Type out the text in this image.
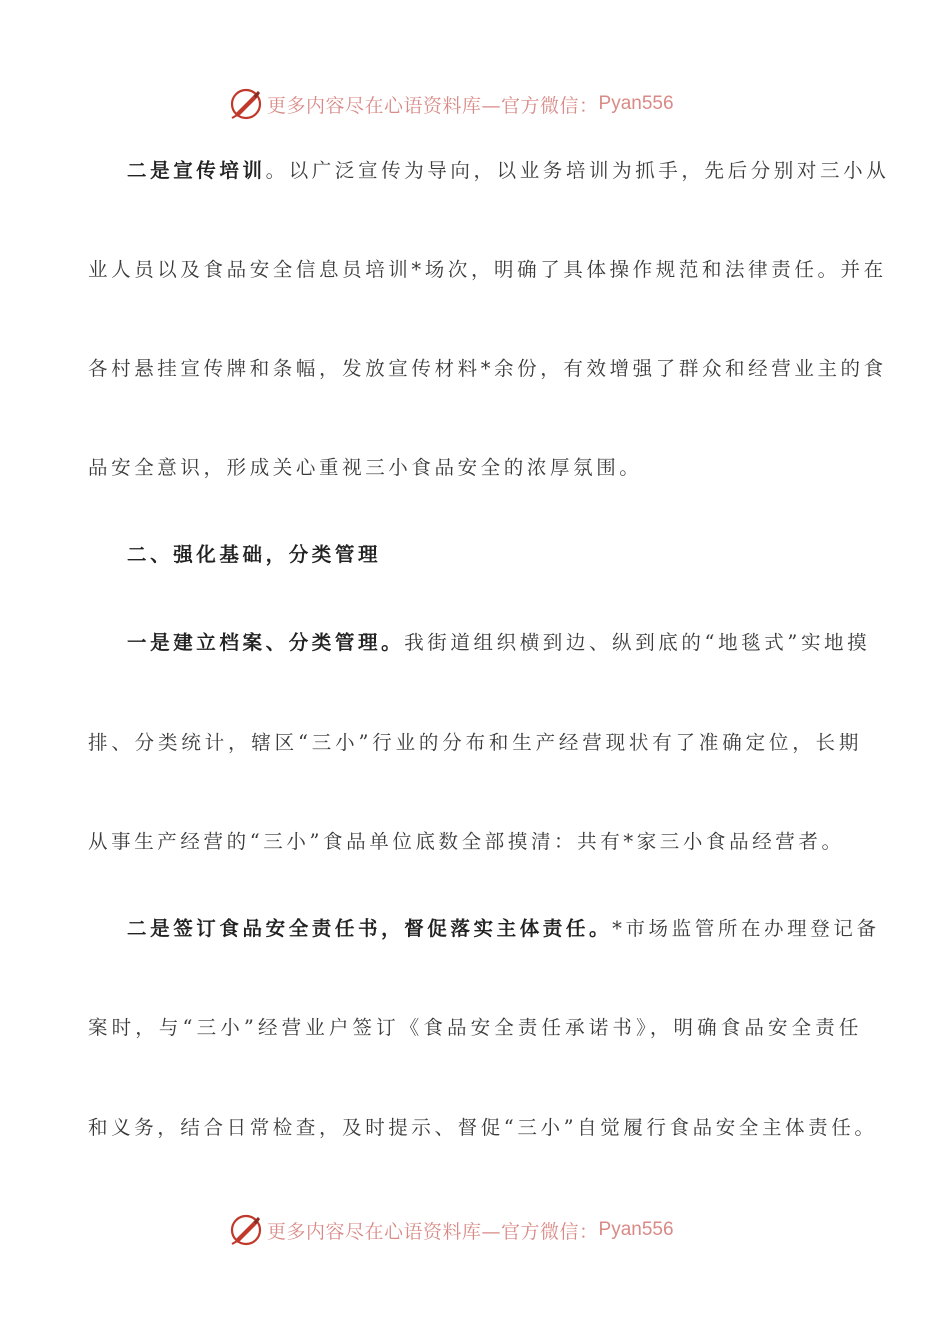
更多内容尽在心语资料库—官方微信： Pyan556
二是宣传培训。以广泛宣传为导向，以业务培训为抓手，先后分别对三小从
业人员以及食品安全信息员培训*场次，明确了具体操作规范和法律责任。并在
各村悬挂宣传牌和条幅，发放宣传材料*余份，有效增强了群众和经营业主的食
品安全意识，形成关心重视三小食品安全的浓厚氛围。
二、强化基础，分类管理
一是建立档案、分类管理。我街道组织横到边、纵到底的“地毯式”实地摸
排、分类统计，辖区“三小”行业的分布和生产经营现状有了准确定位，长期
从事生产经营的“三小”食品单位底数全部摸清：共有*家三小食品经营者。
二是签订食品安全责任书，督促落实主体责任。*市场监管所在办理登记备
案时，与“三小”经营业户签订《食品安全责任承诺书》，明确食品安全责任
和义务，结合日常检查，及时提示、督促“三小”自觉履行食品安全主体责任。
更多内容尽在心语资料库—官方微信： Pyan556
